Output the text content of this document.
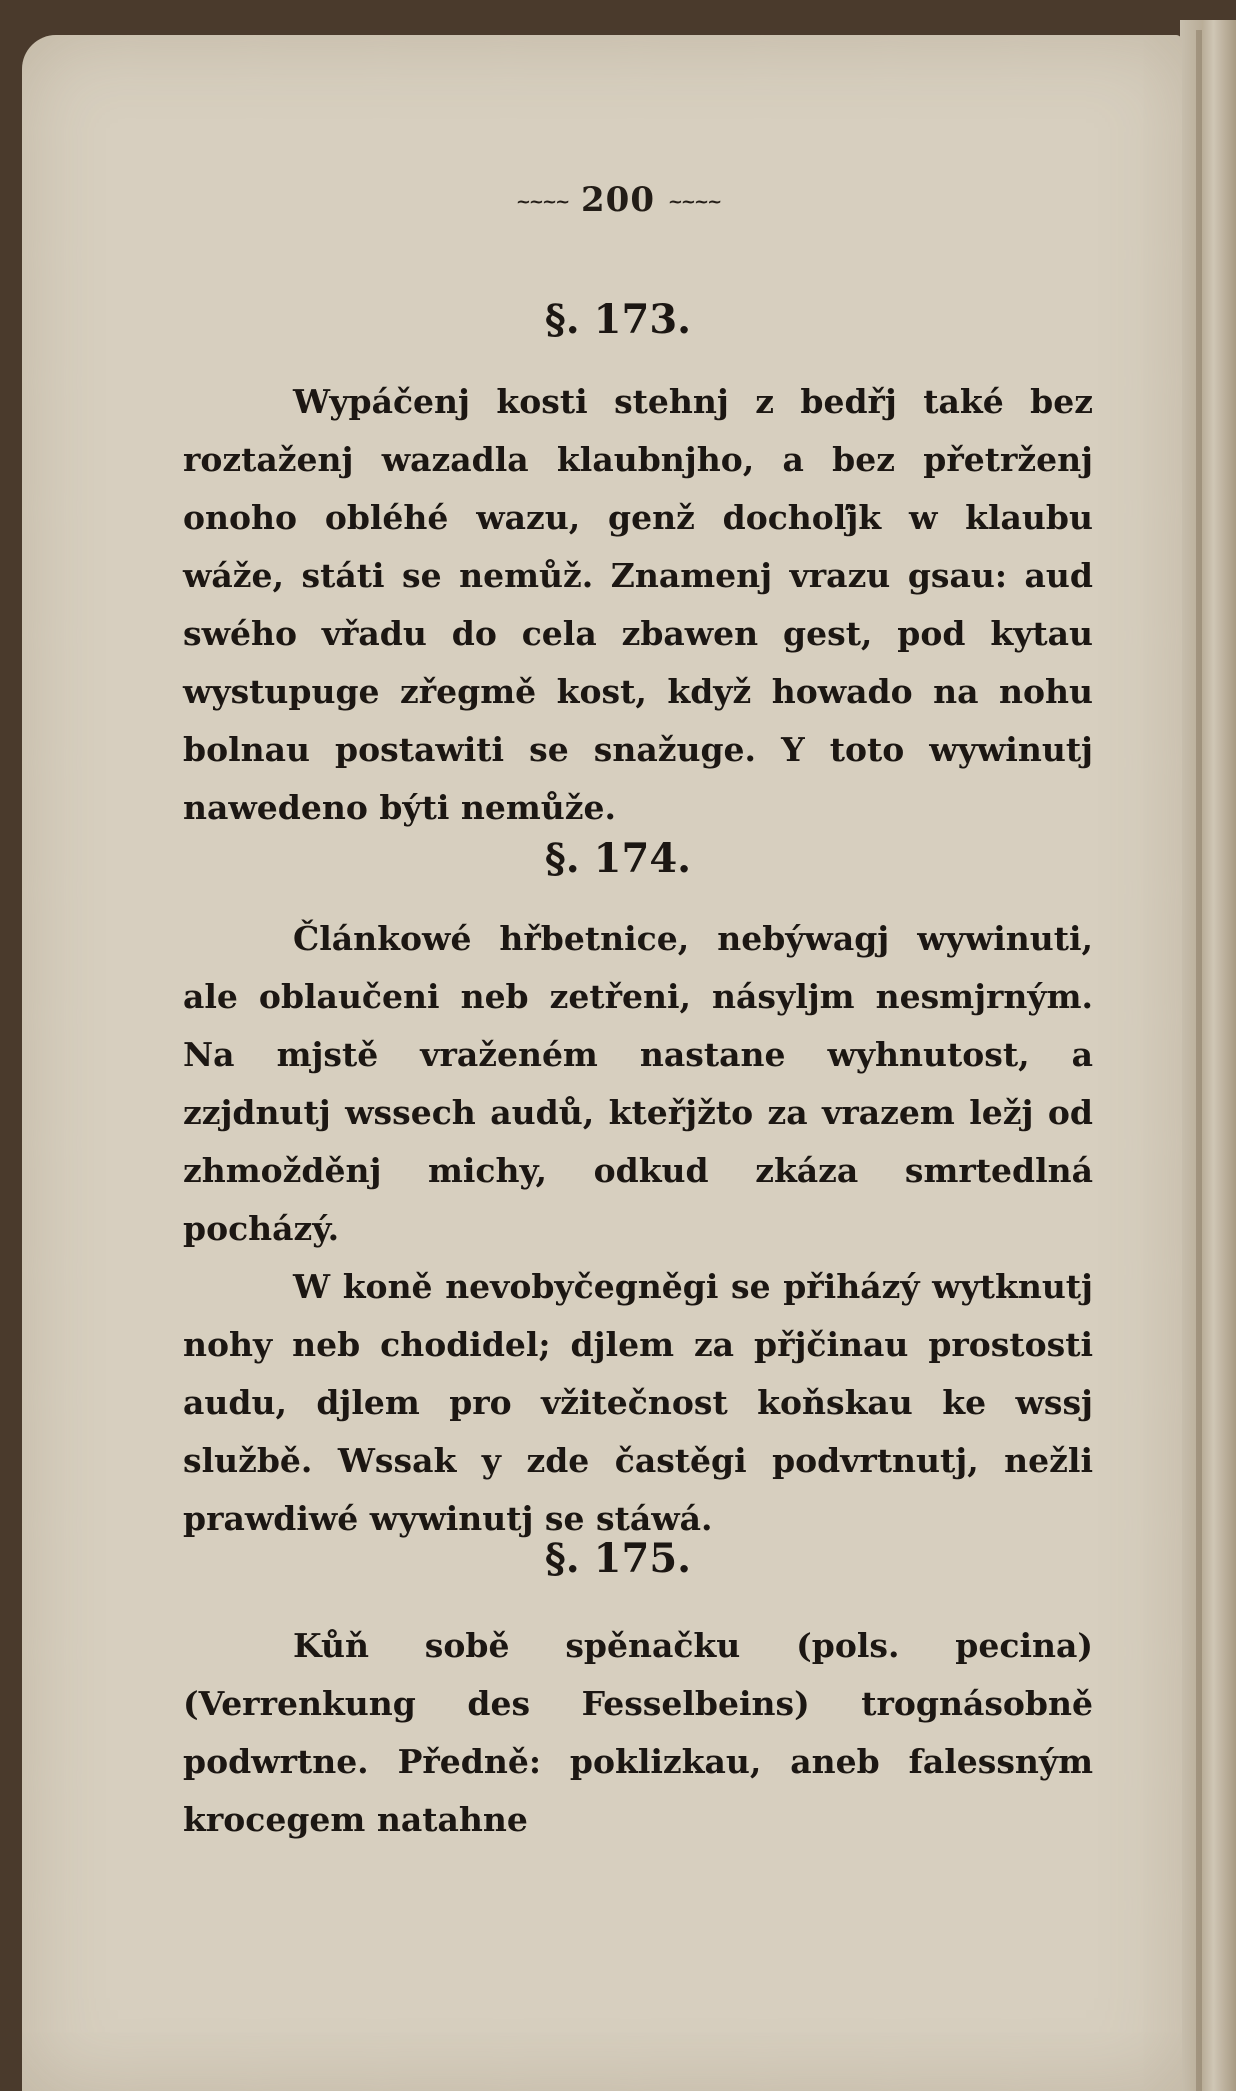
~~~~ 200 ~~~~
§. 173.

Wypáčenj kosti stehnj z bedřj také bez roztaženj wazadla klaubnjho, a bez přetrženj onoho obléhé wazu, genž dochoľjk w klaubu wáže, státi se nemůž. Znamenj vrazu gsau: aud swého vřadu do cela zbawen gest, pod kytau wystupuge zřegmě kost, když howado na nohu bolnau postawiti se snažuge. Y toto wywinutj nawedeno býti nemůže.

§. 174.

Článkowé hřbetnice, nebýwagj wywinuti, ale oblaučeni neb zetřeni, násyljm nesmjrným. Na mjstě vraženém nastane wyhnutost, a zzjdnutj wssech audů, kteřjžto za vrazem ležj od zhmožděnj michy, odkud zkáza smrtedlná pocházý.

W koně nevobyčegněgi se přiházý wytknutj nohy neb chodidel; djlem za přjčinau prostosti audu, djlem pro vžitečnost koňskau ke wssj službě. Wssak y zde častěgi podvrtnutj, nežli prawdiwé wywinutj se stáwá.

§. 175.

Kůň sobě spěnačku (pols. pecina) (Verrenkung des Fesselbeins) trognásobně podwrtne. Předně: poklizkau, aneb falessným krocegem natahne
